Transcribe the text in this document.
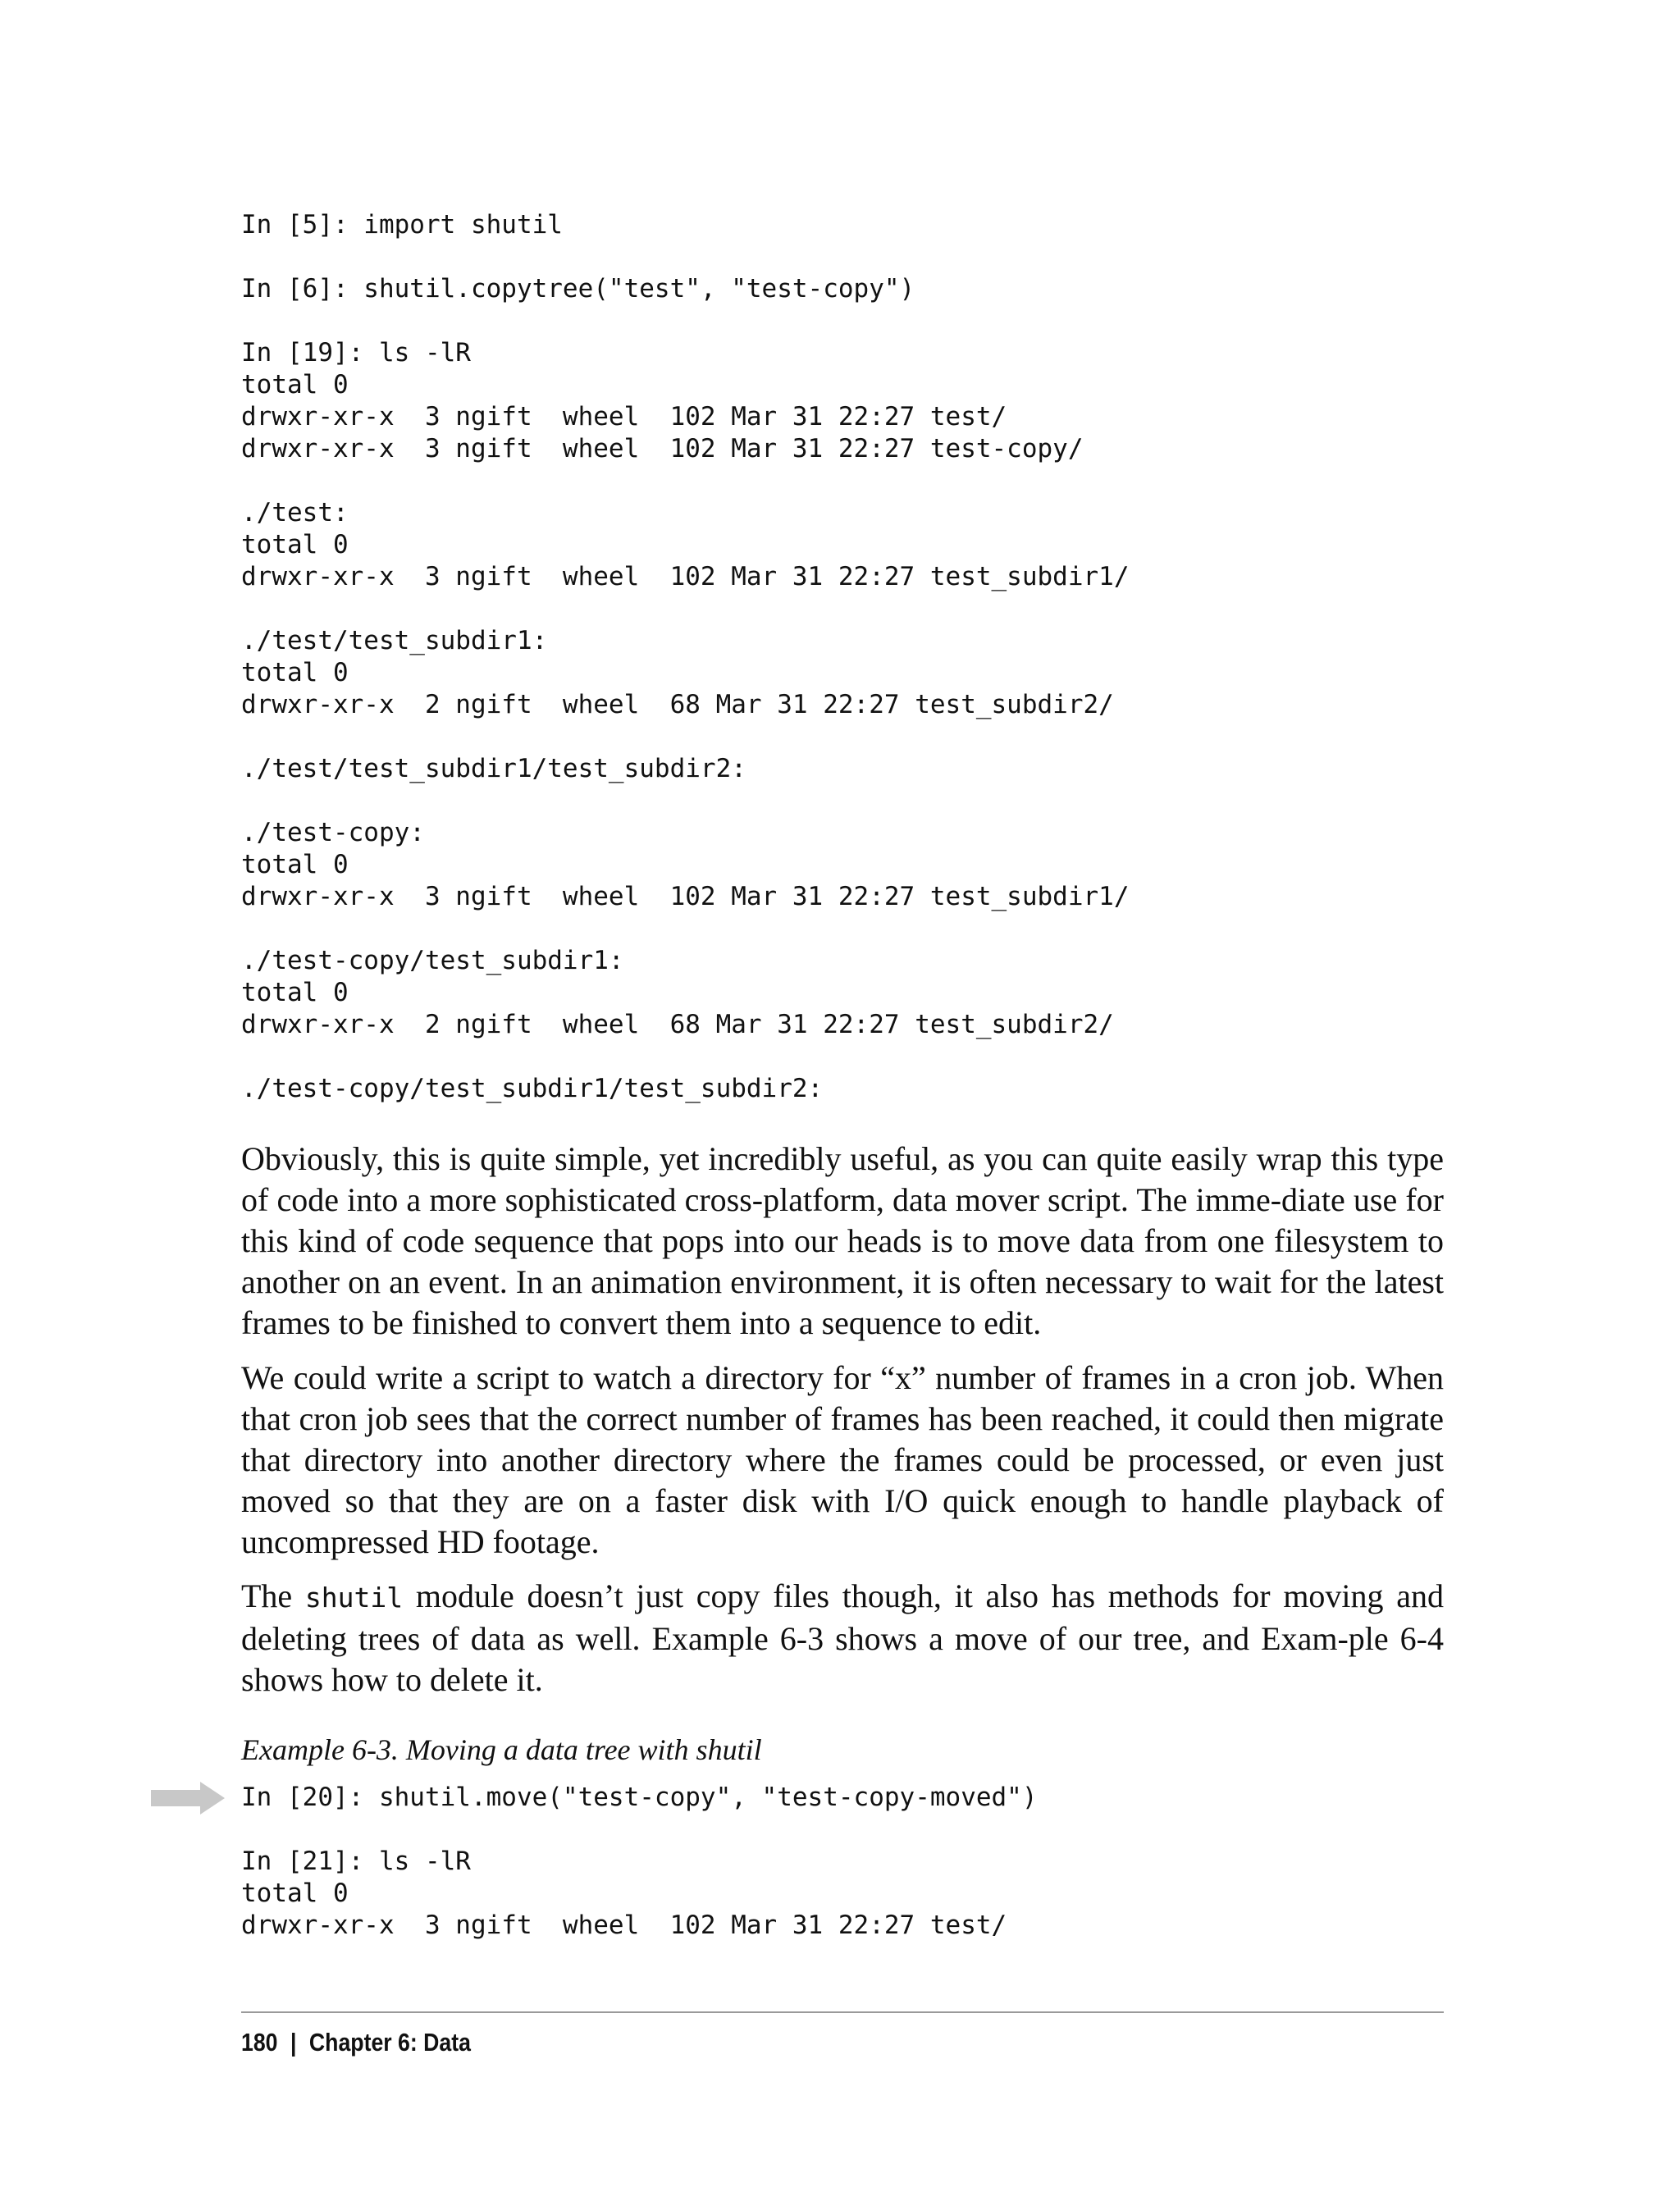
In [5]: import shutil

In [6]: shutil.copytree("test", "test-copy")

In [19]: ls -lR
total 0
drwxr-xr-x  3 ngift  wheel  102 Mar 31 22:27 test/
drwxr-xr-x  3 ngift  wheel  102 Mar 31 22:27 test-copy/

./test:
total 0
drwxr-xr-x  3 ngift  wheel  102 Mar 31 22:27 test_subdir1/

./test/test_subdir1:
total 0
drwxr-xr-x  2 ngift  wheel  68 Mar 31 22:27 test_subdir2/

./test/test_subdir1/test_subdir2:

./test-copy:
total 0
drwxr-xr-x  3 ngift  wheel  102 Mar 31 22:27 test_subdir1/

./test-copy/test_subdir1:
total 0
drwxr-xr-x  2 ngift  wheel  68 Mar 31 22:27 test_subdir2/

./test-copy/test_subdir1/test_subdir2:

Obviously, this is quite simple, yet incredibly useful, as you can quite easily wrap this type of code into a more sophisticated cross-platform, data mover script. The imme-diate use for this kind of code sequence that pops into our heads is to move data from one filesystem to another on an event. In an animation environment, it is often necessary to wait for the latest frames to be finished to convert them into a sequence to edit.

We could write a script to watch a directory for “x” number of frames in a cron job. When that cron job sees that the correct number of frames has been reached, it could then migrate that directory into another directory where the frames could be processed, or even just moved so that they are on a faster disk with I/O quick enough to handle playback of uncompressed HD footage.

The shutil module doesn’t just copy files though, it also has methods for moving and deleting trees of data as well. Example 6-3 shows a move of our tree, and Exam-ple 6-4 shows how to delete it.

Example 6-3. Moving a data tree with shutil

In [20]: shutil.move("test-copy", "test-copy-moved")

In [21]: ls -lR
total 0
drwxr-xr-x  3 ngift  wheel  102 Mar 31 22:27 test/
180 | Chapter 6: Data
